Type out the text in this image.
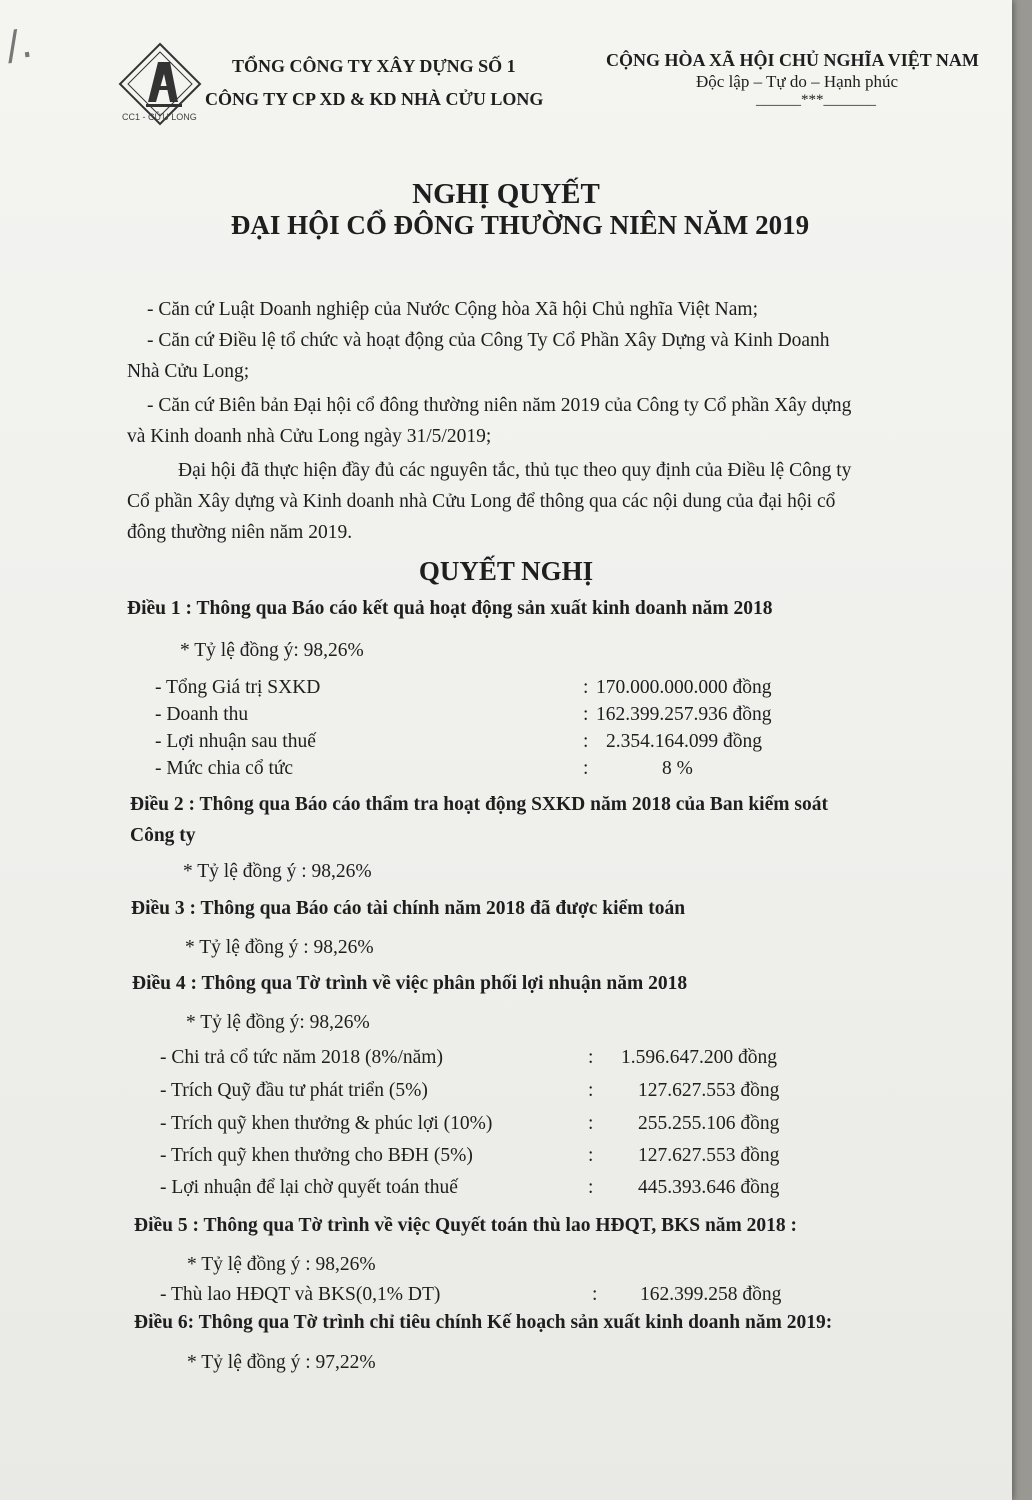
/.
CC1 - CỬU LONG
TỔNG CÔNG TY XÂY DỰNG SỐ 1
CÔNG TY CP XD & KD NHÀ CỬU LONG
CỘNG HÒA XÃ HỘI CHỦ NGHĨA VIỆT NAM
Độc lập – Tự do – Hạnh phúc
______***_______
NGHỊ QUYẾT
ĐẠI HỘI CỔ ĐÔNG THƯỜNG NIÊN NĂM 2019
- Căn cứ Luật Doanh nghiệp của Nước Cộng hòa Xã hội Chủ nghĩa Việt Nam;
- Căn cứ Điều lệ tổ chức và hoạt động của Công Ty Cổ Phần Xây Dựng và Kinh Doanh
Nhà Cửu Long;
- Căn cứ Biên bản Đại hội cổ đông thường niên năm 2019 của Công ty Cổ phần Xây dựng
và Kinh doanh nhà Cửu Long ngày 31/5/2019;
Đại hội đã thực hiện đầy đủ các nguyên tắc, thủ tục theo quy định của Điều lệ Công ty
Cổ phần Xây dựng và Kinh doanh nhà Cửu Long để thông qua các nội dung của đại hội cổ
đông thường niên năm 2019.
QUYẾT NGHỊ
Điều 1 : Thông qua Báo cáo kết quả hoạt động sản xuất kinh doanh năm 2018
* Tỷ lệ đồng ý: 98,26%
- Tổng Giá trị SXKD	: 170.000.000.000 đồng
- Doanh thu	: 162.399.257.936 đồng
- Lợi nhuận sau thuế	: 2.354.164.099 đồng
- Mức chia cổ tức	:	8 %
Điều 2 : Thông qua Báo cáo thẩm tra hoạt động SXKD năm 2018 của Ban kiểm soát
Công ty
* Tỷ lệ đồng ý : 98,26%
Điều 3 : Thông qua Báo cáo tài chính năm 2018 đã được kiểm toán
* Tỷ lệ đồng ý : 98,26%
Điều 4 : Thông qua Tờ trình về việc phân phối lợi nhuận năm 2018
* Tỷ lệ đồng ý: 98,26%
- Chi trả cổ tức năm 2018 (8%/năm)	: 1.596.647.200 đồng
- Trích Quỹ đầu tư phát triển (5%)	: 127.627.553 đồng
- Trích quỹ khen thưởng & phúc lợi (10%)	: 255.255.106 đồng
- Trích quỹ khen thưởng cho BĐH (5%)	: 127.627.553 đồng
- Lợi nhuận để lại chờ quyết toán thuế	: 445.393.646 đồng
Điều 5 : Thông qua Tờ trình về việc Quyết toán thù lao HĐQT, BKS năm 2018 :
* Tỷ lệ đồng ý : 98,26%
- Thù lao HĐQT và BKS(0,1% DT)	: 162.399.258 đồng
Điều 6: Thông qua Tờ trình chỉ tiêu chính Kế hoạch sản xuất kinh doanh năm 2019:
* Tỷ lệ đồng ý : 97,22%
